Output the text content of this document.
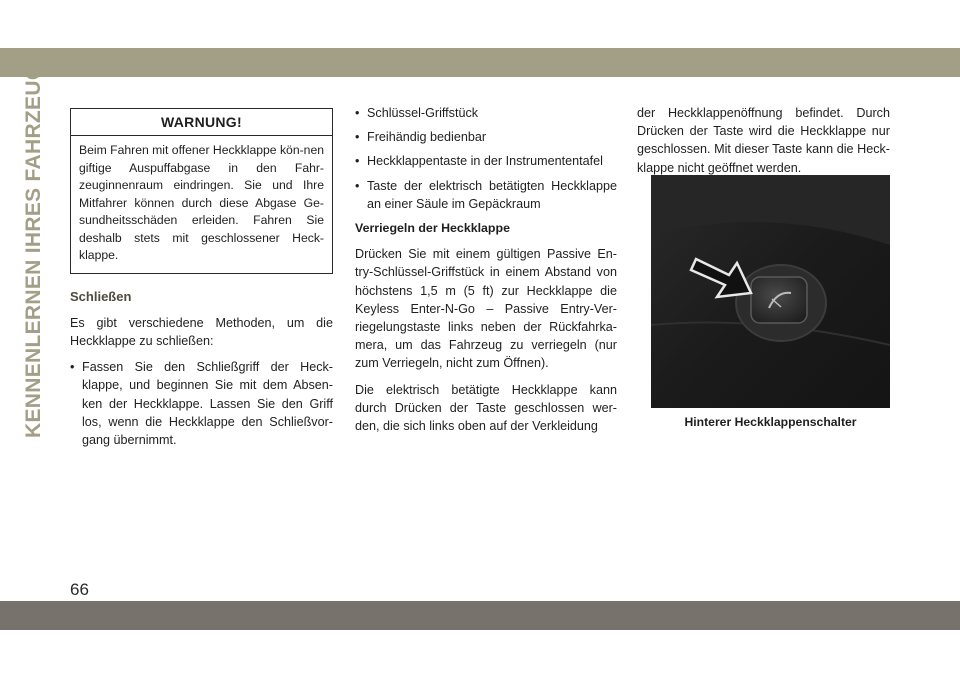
KENNENLERNEN IHRES FAHRZEUGS
66
WARNUNG!
Beim Fahren mit offener Heckklappe kön-nen giftige Auspuffabgase in den Fahr-zeuginnenraum eindringen. Sie und Ihre Mitfahrer können durch diese Abgase Ge-sundheitsschäden erleiden. Fahren Sie deshalb stets mit geschlossener Heck-klappe.
Schließen

Es gibt verschiedene Methoden, um die Heckklappe zu schließen:

• Fassen Sie den Schließgriff der Heck-klappe, und beginnen Sie mit dem Absen-ken der Heckklappe. Lassen Sie den Griff los, wenn die Heckklappe den Schließvor-gang übernimmt.
• Schlüssel-Griffstück
• Freihändig bedienbar
• Heckklappentaste in der Instrumententafel
• Taste der elektrisch betätigten Heckklappe an einer Säule im Gepäckraum
Verriegeln der Heckklappe

Drücken Sie mit einem gültigen Passive En-try-Schlüssel-Griffstück in einem Abstand von höchstens 1,5 m (5 ft) zur Heckklappe die Keyless Enter-N-Go – Passive Entry-Ver-riegelungstaste links neben der Rückfahrka-mera, um das Fahrzeug zu verriegeln (nur zum Verriegeln, nicht zum Öffnen).

Die elektrisch betätigte Heckklappe kann durch Drücken der Taste geschlossen wer-den, die sich links oben auf der Verkleidung

der Heckklappenöffnung befindet. Durch Drücken der Taste wird die Heckklappe nur geschlossen. Mit dieser Taste kann die Heck-klappe nicht geöffnet werden.

Hinterer Heckklappenschalter
